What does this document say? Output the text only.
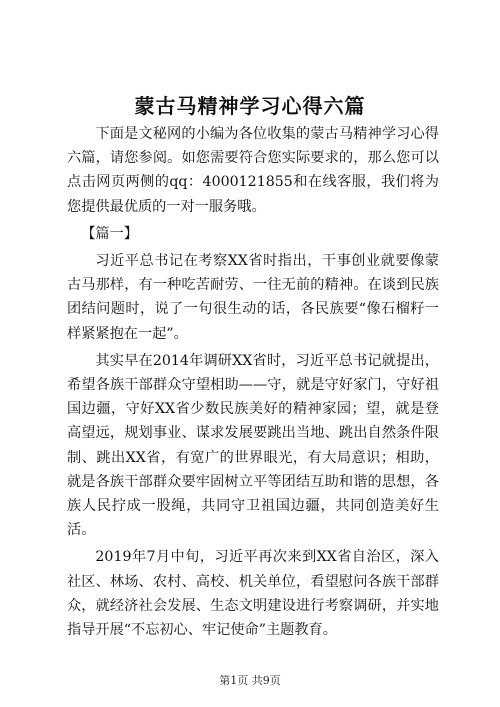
蒙古马精神学习心得六篇

下面是文秘网的小编为各位收集的蒙古马精神学习心得六篇，请您参阅。如您需要符合您实际要求的，那么您可以点击网页两侧的qq：4000121855和在线客服，我们将为您提供最优质的一对一服务哦。

【篇一】

习近平总书记在考察XX省时指出，干事创业就要像蒙古马那样，有一种吃苦耐劳、一往无前的精神。在谈到民族团结问题时，说了一句很生动的话，各民族要“像石榴籽一样紧紧抱在一起”。

其实早在2014年调研XX省时，习近平总书记就提出，希望各族干部群众守望相助——守，就是守好家门，守好祖国边疆，守好XX省少数民族美好的精神家园；望，就是登高望远，规划事业、谋求发展要跳出当地、跳出自然条件限制、跳出XX省，有宽广的世界眼光，有大局意识；相助，就是各族干部群众要牢固树立平等团结互助和谐的思想，各族人民拧成一股绳，共同守卫祖国边疆，共同创造美好生活。

2019年7月中旬，习近平再次来到XX省自治区，深入社区、林场、农村、高校、机关单位，看望慰问各族干部群众，就经济社会发展、生态文明建设进行考察调研，并实地指导开展“不忘初心、牢记使命”主题教育。

第1页 共9页
